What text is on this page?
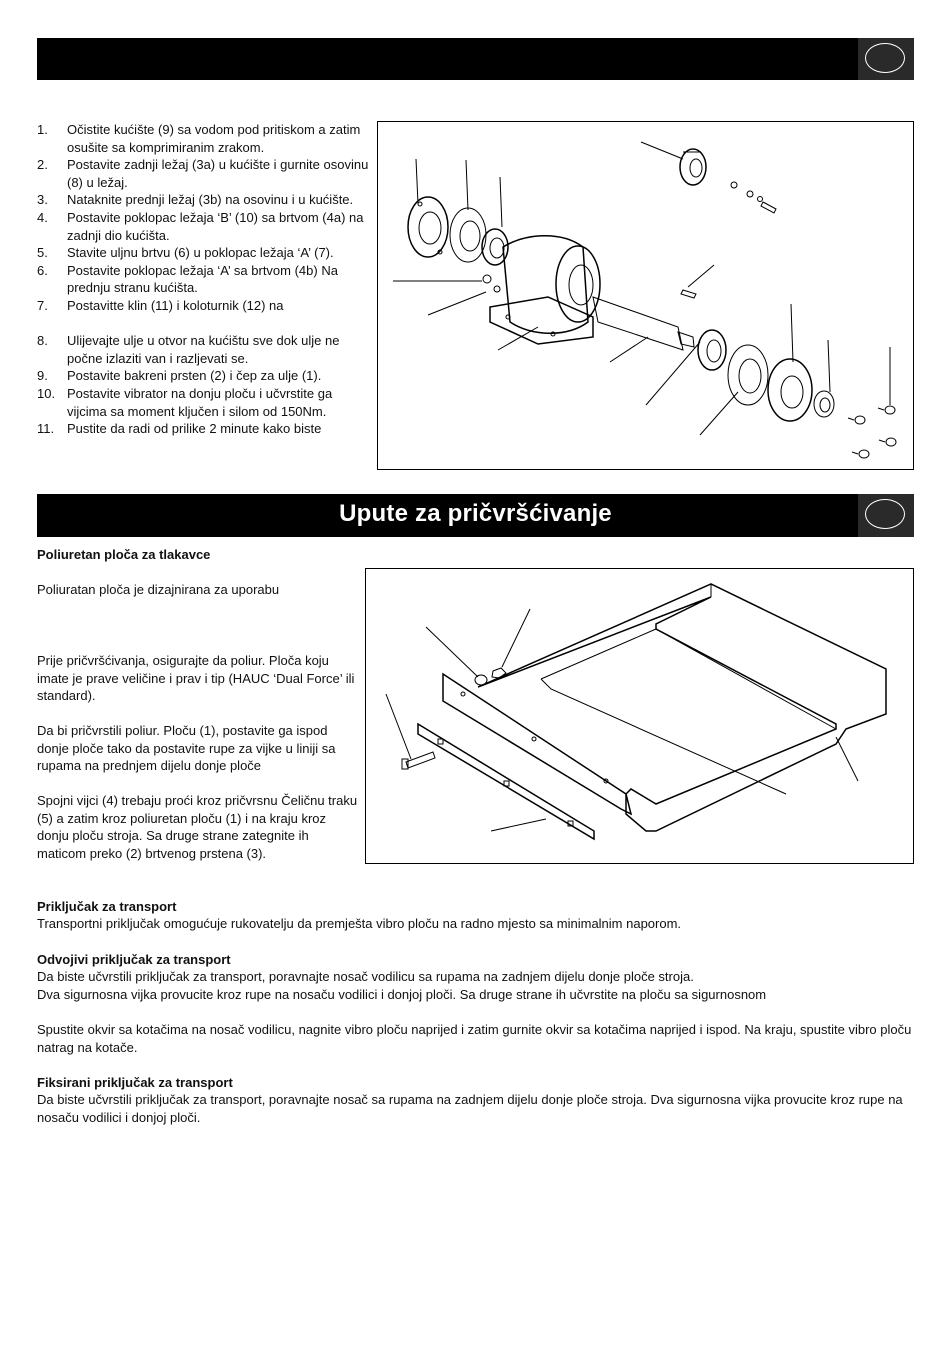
1. Očistite kućište (9) sa vodom pod pritiskom a zatim osušite sa komprimiranim zrakom.
2. Postavite zadnji ležaj (3a) u kućište i gurnite osovinu (8) u ležaj.
3. Nataknite prednji ležaj (3b) na osovinu i u kućište.
4. Postavite poklopac ležaja ‘B’ (10) sa brtvom (4a) na zadnji dio kućišta.
5. Stavite uljnu brtvu (6) u poklopac ležaja ‘A’ (7).
6. Postavite poklopac ležaja ‘A’ sa brtvom (4b) Na prednju stranu kućišta.
7. Postavitte klin (11) i koloturnik (12) na
8. Ulijevajte ulje u otvor na kućištu sve dok ulje ne počne izlaziti van i razljevati se.
9. Postavite bakreni prsten (2) i čep za ulje (1).
10. Postavite vibrator na donju ploču i učvrstite ga vijcima sa moment ključen i silom od 150Nm.
11. Pustite da radi od prilike 2 minute kako biste
Upute za pričvršćivanje
Poliuretan ploča za tlakavce
Poliuratan ploča je dizajnirana za uporabu
Prije pričvršćivanja, osigurajte da poliur. Ploča koju imate je prave veličine i prav i tip (HAUC ‘Dual Force’ ili standard).
Da bi pričvrstili poliur. Ploču (1), postavite ga ispod donje ploče tako da postavite rupe za vijke u liniji sa rupama na prednjem dijelu donje ploče
Spojni vijci (4) trebaju proći kroz pričvrsnu Čeličnu traku (5) a zatim kroz poliuretan ploču (1) i na kraju kroz donju ploču stroja. Sa druge strane zategnite ih maticom preko (2) brtvenog prstena (3).
Priključak za transport
Transportni priključak omogućuje rukovatelju da premješta vibro ploču na radno mjesto sa minimalnim naporom.
Odvojivi priključak za transport
Da biste učvrstili priključak za transport, poravnajte nosač vodilicu sa rupama na zadnjem dijelu donje ploče stroja.
Dva sigurnosna vijka provucite kroz rupe na nosaču vodilici i donjoj ploči. Sa druge strane ih učvrstite na ploču sa sigurnosnom
Spustite okvir sa kotačima na nosač vodilicu, nagnite vibro ploču naprijed i zatim gurnite okvir sa kotačima naprijed i ispod. Na kraju, spustite vibro ploču natrag na kotače.
Fiksirani priključak za transport
Da biste učvrstili priključak za transport, poravnajte nosač sa rupama na zadnjem dijelu donje ploče stroja. Dva sigurnosna vijka provucite kroz rupe na nosaču vodilici i donjoj ploči.
